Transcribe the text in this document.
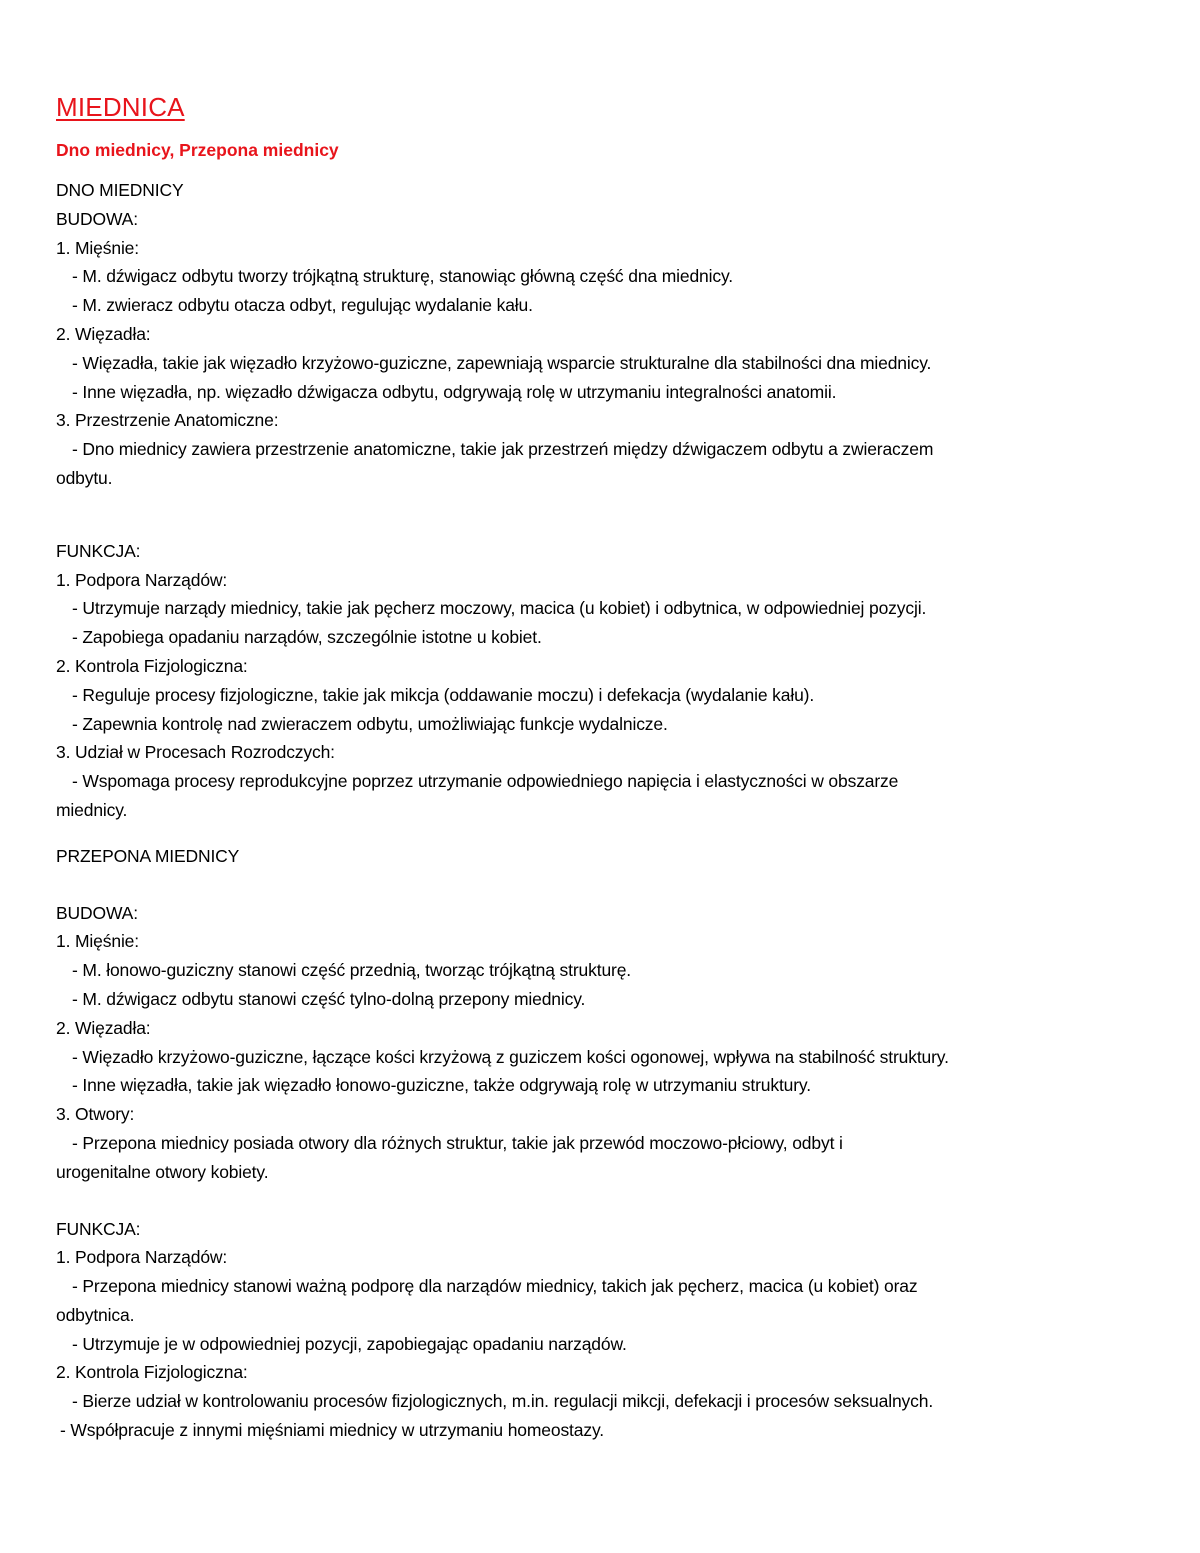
MIEDNICA
Dno miednicy, Przepona miednicy
DNO MIEDNICY
BUDOWA:
1. Mięśnie:
- M. dźwigacz odbytu tworzy trójkątną strukturę, stanowiąc główną część dna miednicy.
- M. zwieracz odbytu otacza odbyt, regulując wydalanie kału.
2. Więzadła:
- Więzadła, takie jak więzadło krzyżowo-guziczne, zapewniają wsparcie strukturalne dla stabilności dna miednicy.
- Inne więzadła, np. więzadło dźwigacza odbytu, odgrywają rolę w utrzymaniu integralności anatomii.
3. Przestrzenie Anatomiczne:
- Dno miednicy zawiera przestrzenie anatomiczne, takie jak przestrzeń między dźwigaczem odbytu a zwieraczem
odbytu.
FUNKCJA:
1. Podpora Narządów:
- Utrzymuje narządy miednicy, takie jak pęcherz moczowy, macica (u kobiet) i odbytnica, w odpowiedniej pozycji.
- Zapobiega opadaniu narządów, szczególnie istotne u kobiet.
2. Kontrola Fizjologiczna:
- Reguluje procesy fizjologiczne, takie jak mikcja (oddawanie moczu) i defekacja (wydalanie kału).
- Zapewnia kontrolę nad zwieraczem odbytu, umożliwiając funkcje wydalnicze.
3. Udział w Procesach Rozrodczych:
- Wspomaga procesy reprodukcyjne poprzez utrzymanie odpowiedniego napięcia i elastyczności w obszarze
miednicy.
PRZEPONA MIEDNICY
BUDOWA:
1. Mięśnie:
- M. łonowo-guziczny stanowi część przednią, tworząc trójkątną strukturę.
- M. dźwigacz odbytu stanowi część tylno-dolną przepony miednicy.
2. Więzadła:
- Więzadło krzyżowo-guziczne, łączące kości krzyżową z guziczem kości ogonowej, wpływa na stabilność struktury.
- Inne więzadła, takie jak więzadło łonowo-guziczne, także odgrywają rolę w utrzymaniu struktury.
3. Otwory:
- Przepona miednicy posiada otwory dla różnych struktur, takie jak przewód moczowo-płciowy, odbyt i
urogenitalne otwory kobiety.
FUNKCJA:
1. Podpora Narządów:
- Przepona miednicy stanowi ważną podporę dla narządów miednicy, takich jak pęcherz, macica (u kobiet) oraz
odbytnica.
- Utrzymuje je w odpowiedniej pozycji, zapobiegając opadaniu narządów.
2. Kontrola Fizjologiczna:
- Bierze udział w kontrolowaniu procesów fizjologicznych, m.in. regulacji mikcji, defekacji i procesów seksualnych.
- Współpracuje z innymi mięśniami miednicy w utrzymaniu homeostazy.
